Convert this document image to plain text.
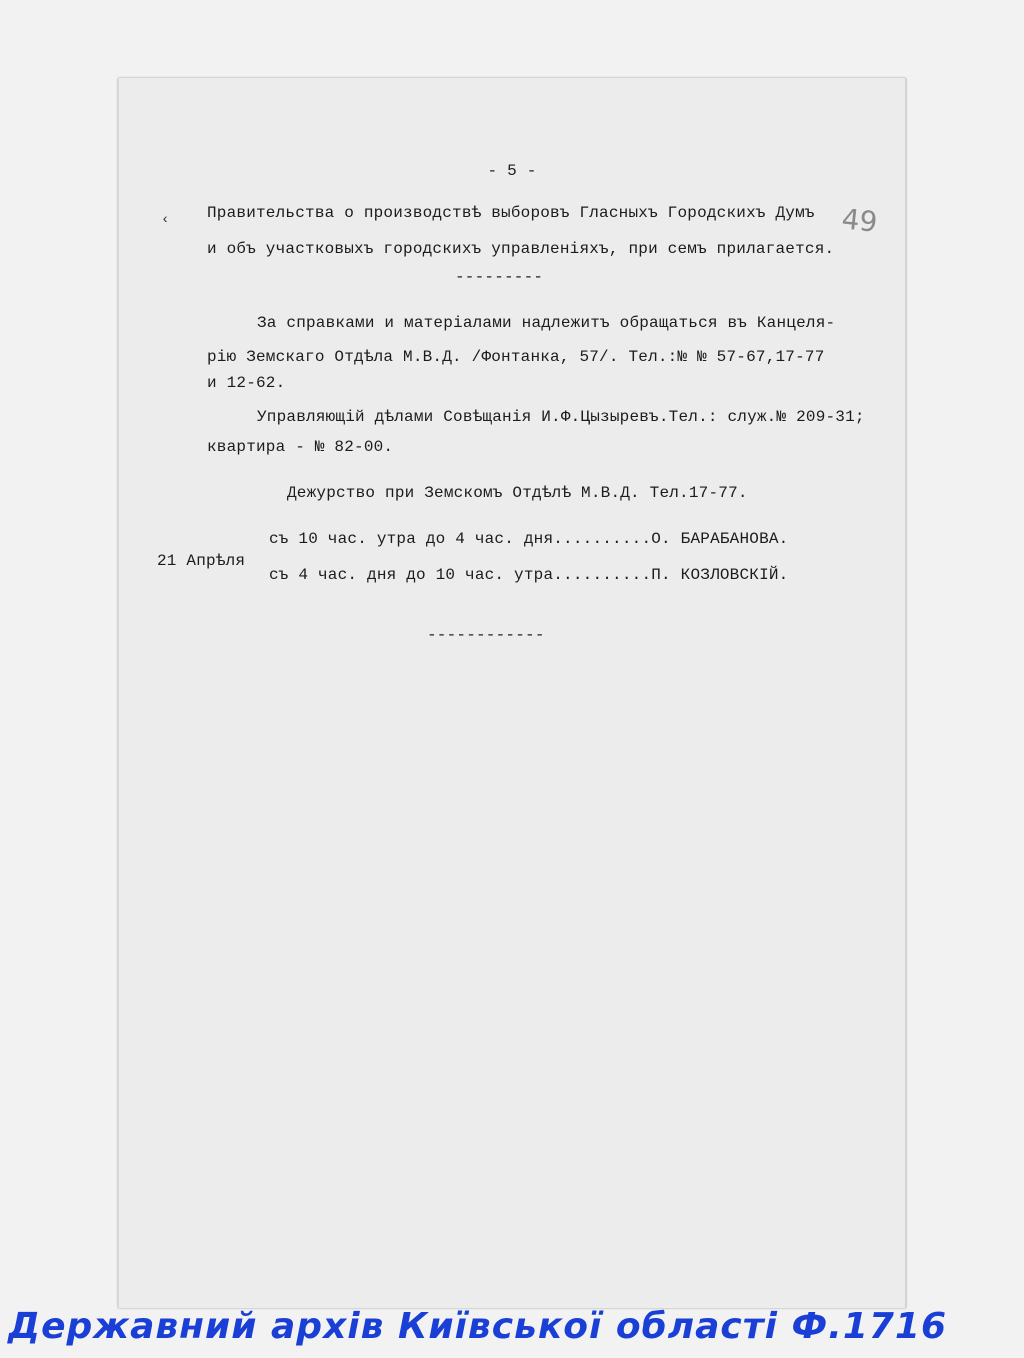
49
- 5 -
‹ Правительства о производствѣ выборовъ Гласныхъ Городскихъ Думъ
и объ участковыхъ городскихъ управленіяхъ, при семъ прилагается.
---------
За справками и матеріалами надлежитъ обращаться въ Канцеля-
рію Земскаго Отдѣла М.В.Д. /Фонтанка, 57/. Тел.:№ № 57-67,17-77
и 12-62.
Управляющій дѣлами Совѣщанія И.Ф.Цызыревъ.Тел.: служ.№ 209-31;
квартира - № 82-00.
Дежурство при Земскомъ Отдѣлѣ М.В.Д. Тел.17-77.
21 Апрѣля
съ 10 час. утра до 4 час. дня..........О. БАРАБАНОВА.
съ 4 час. дня до 10 час. утра..........П. КОЗЛОВСКІЙ.
------------
Державний архів Київської області Ф.1716
